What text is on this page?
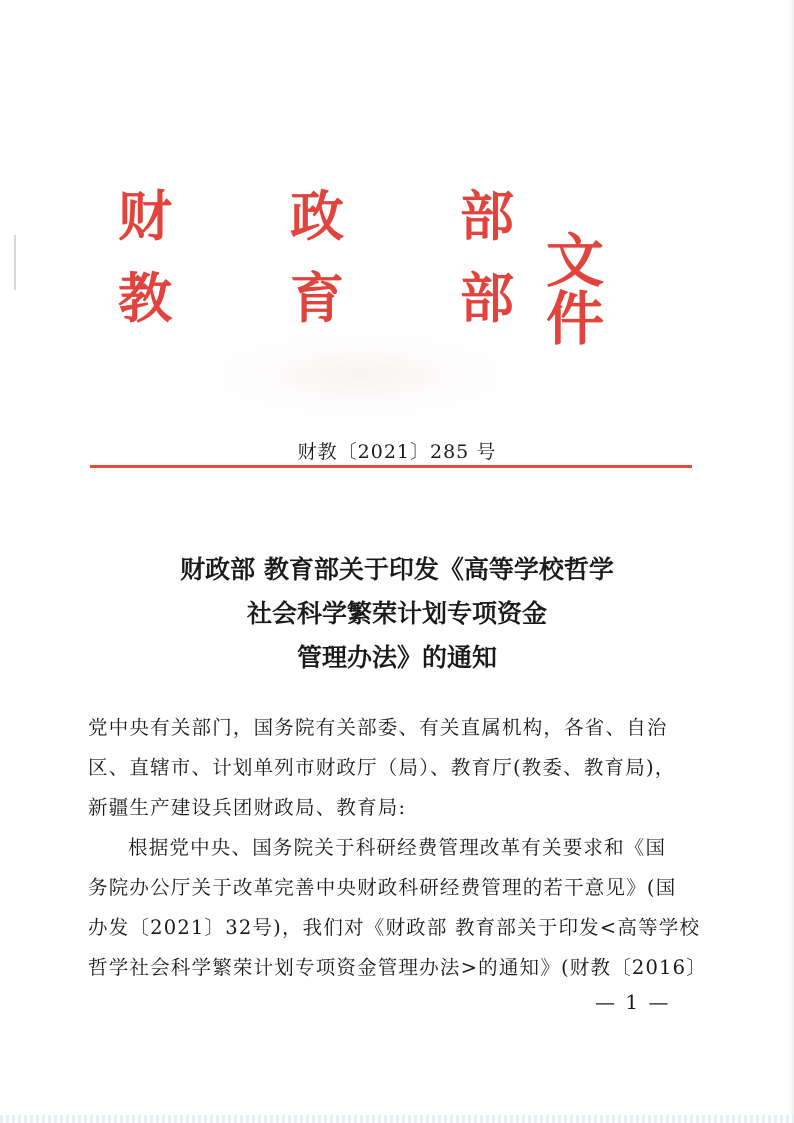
财 政 部
教 育 部
文件
财教〔2021〕285 号
财政部 教育部关于印发《高等学校哲学
社会科学繁荣计划专项资金
管理办法》的通知
党中央有关部门，国务院有关部委、有关直属机构，各省、自治
区、直辖市、计划单列市财政厅（局）、教育厅(教委、教育局)，
新疆生产建设兵团财政局、教育局:
根据党中央、国务院关于科研经费管理改革有关要求和《国
务院办公厅关于改革完善中央财政科研经费管理的若干意见》(国
办发〔2021〕32号)，我们对《财政部 教育部关于印发<高等学校
哲学社会科学繁荣计划专项资金管理办法>的通知》(财教〔2016〕
— 1 —
